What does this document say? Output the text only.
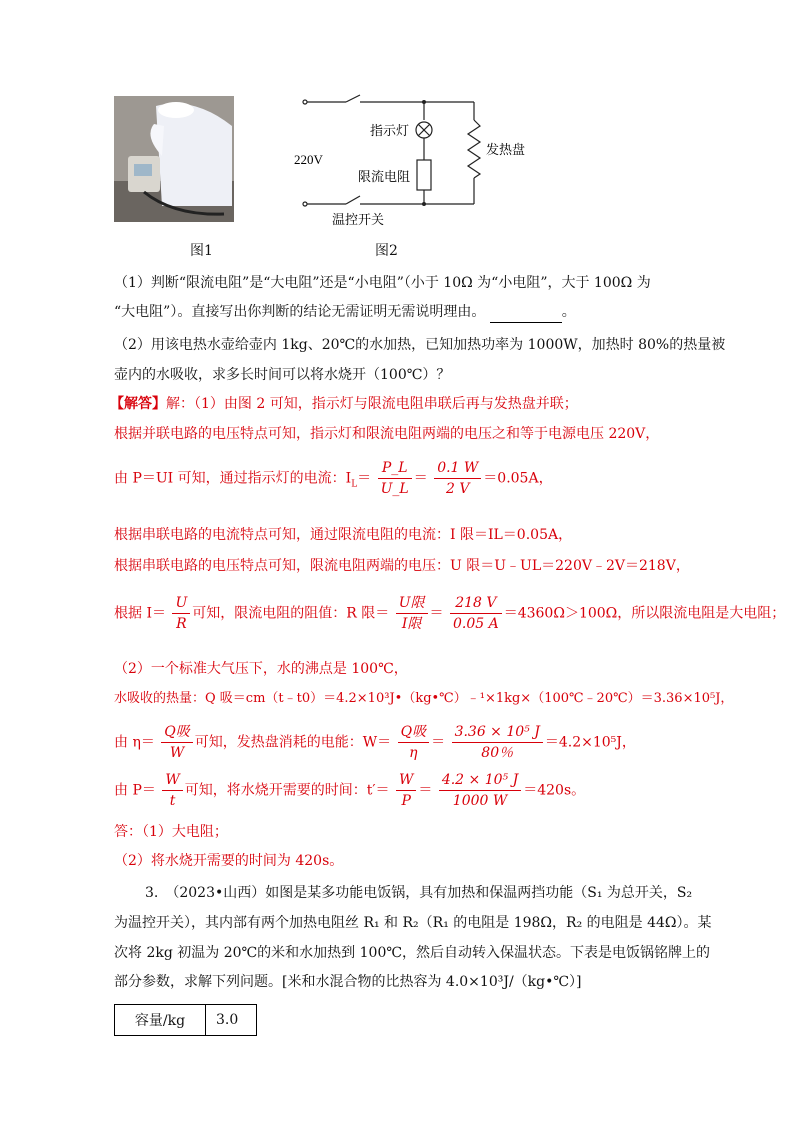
220V
指示灯
限流电阻
发热盘
温控开关
图1	图2
（1）判断“限流电阻”是“大电阻”还是“小电阻”（小于 10Ω 为“小电阻”，大于 100Ω 为
“大电阻”）。直接写出你判断的结论无需证明无需说明理由。	。
（2）用该电热水壶给壶内 1kg、20℃的水加热，已知加热功率为 1000W，加热时 80%的热量被
壶内的水吸收，求多长时间可以将水烧开（100℃）？
【解答】解：（1）由图 2 可知，指示灯与限流电阻串联后再与发热盘并联；
根据并联电路的电压特点可知，指示灯和限流电阻两端的电压之和等于电源电压 220V，
由 P＝UI 可知，通过指示灯的电流：$I_L= \frac{P\_L}{U\_L} = \frac{0.1 W}{2 V} =0.05A$，
根据串联电路的电流特点可知，通过限流电阻的电流：I 限＝IL＝0.05A，
根据串联电路的电压特点可知，限流电阻两端的电压：U 限＝U﹣UL＝220V﹣2V＝218V，
根据 $I= \frac{U}{R}$ 可知，限流电阻的阻值：R 限＝ $\frac{\text{U限}}{\text{I限}} = \frac{218 V}{0.05 A} =4360\Omega>100\Omega$，所以限流电阻是大电阻；
（2）一个标准大气压下，水的沸点是 100℃，
水吸收的热量：Q 吸＝cm（t﹣t0）＝4.2×10³J•（kg•℃）﹣¹×1kg×（100℃﹣20℃）＝3.36×10⁵J，
由 $\eta= \frac{\text{Q吸}}{W}$ 可知，发热盘消耗的电能：$W= \frac{\text{Q吸}}{\eta} = \frac{\text{3.36 × 10⁵ J}}{80\%} =4.2\times 10^5J$，
由 $P= \frac{W}{t}$ 可知，将水烧开需要的时间：$t'= \frac{W}{P} = \frac{\text{4.2 × 10⁵ J}}{1000 W} =420s$。
答：（1）大电阻；
（2）将水烧开需要的时间为 420s。
3.　（2023•山西）如图是某多功能电饭锅，具有加热和保温两挡功能（S₁ 为总开关，S₂
为温控开关），其内部有两个加热电阻丝 R₁ 和 R₂（R₁ 的电阻是 198Ω，R₂ 的电阻是 44Ω）。某
次将 2kg 初温为 20℃的米和水加热到 100℃，然后自动转入保温状态。下表是电饭锅铭牌上的
部分参数，求解下列问题。[米和水混合物的比热容为 4.0×10³J/（kg•℃）]
容量/kg	3.0
